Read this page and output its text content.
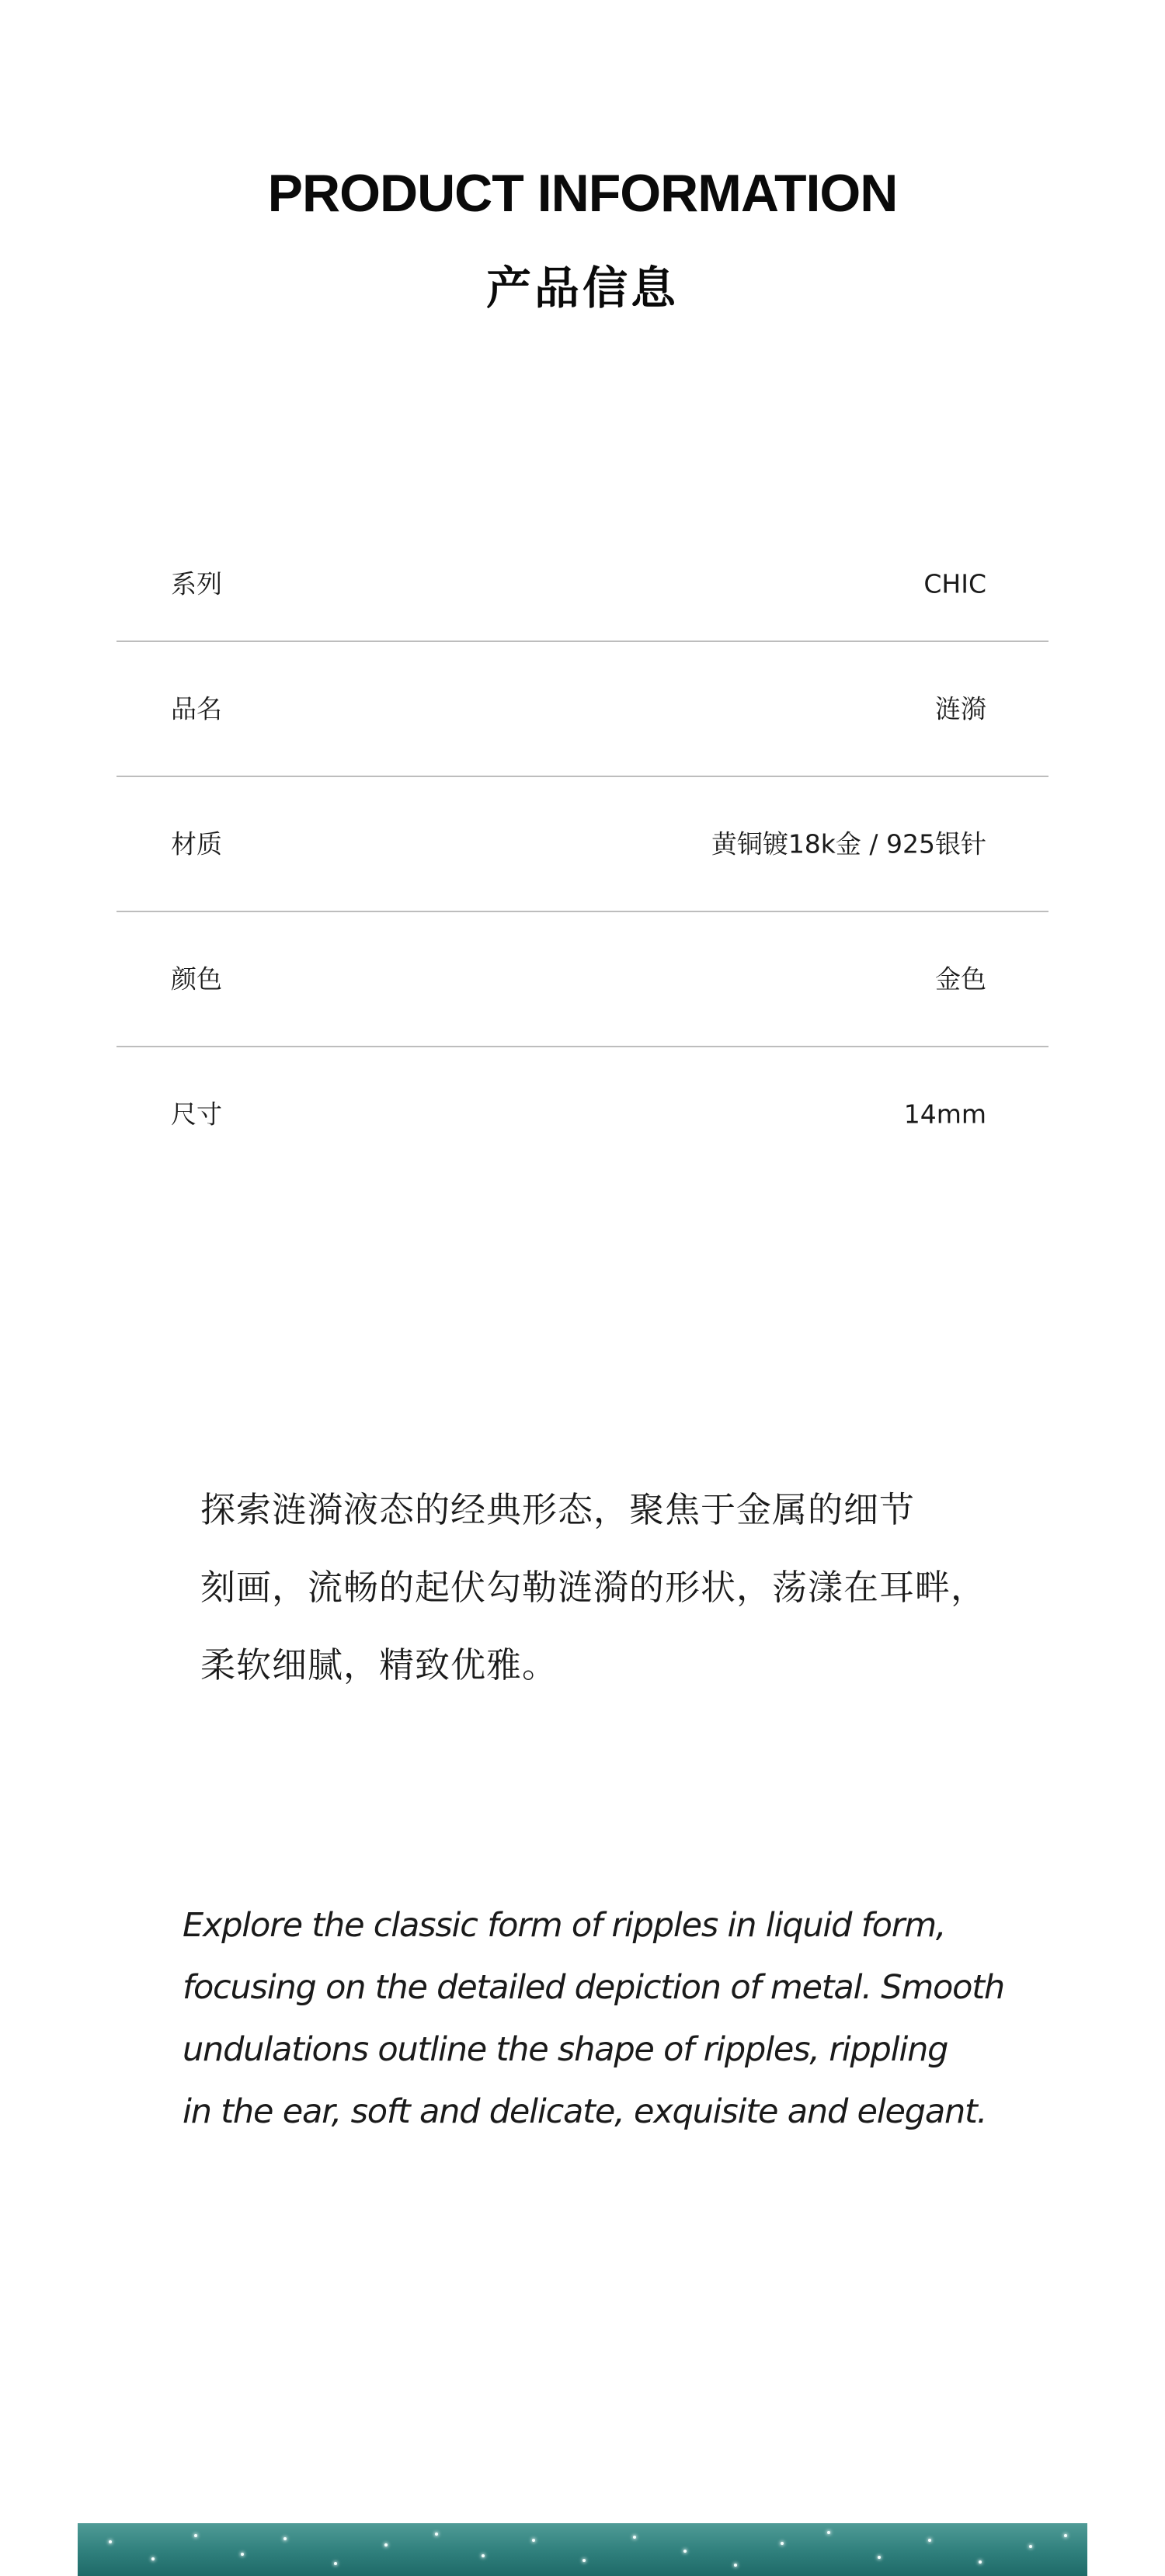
PRODUCT INFORMATION
产品信息
系列	CHIC
品名	涟漪
材质	黄铜镀18k金 / 925银针
颜色	金色
尺寸	14mm
探索涟漪液态的经典形态，聚焦于金属的细节
刻画，流畅的起伏勾勒涟漪的形状，荡漾在耳畔，
柔软细腻，精致优雅。
Explore the classic form of ripples in liquid form,
focusing on the detailed depiction of metal. Smooth
undulations outline the shape of ripples, rippling
in the ear, soft and delicate, exquisite and elegant.
